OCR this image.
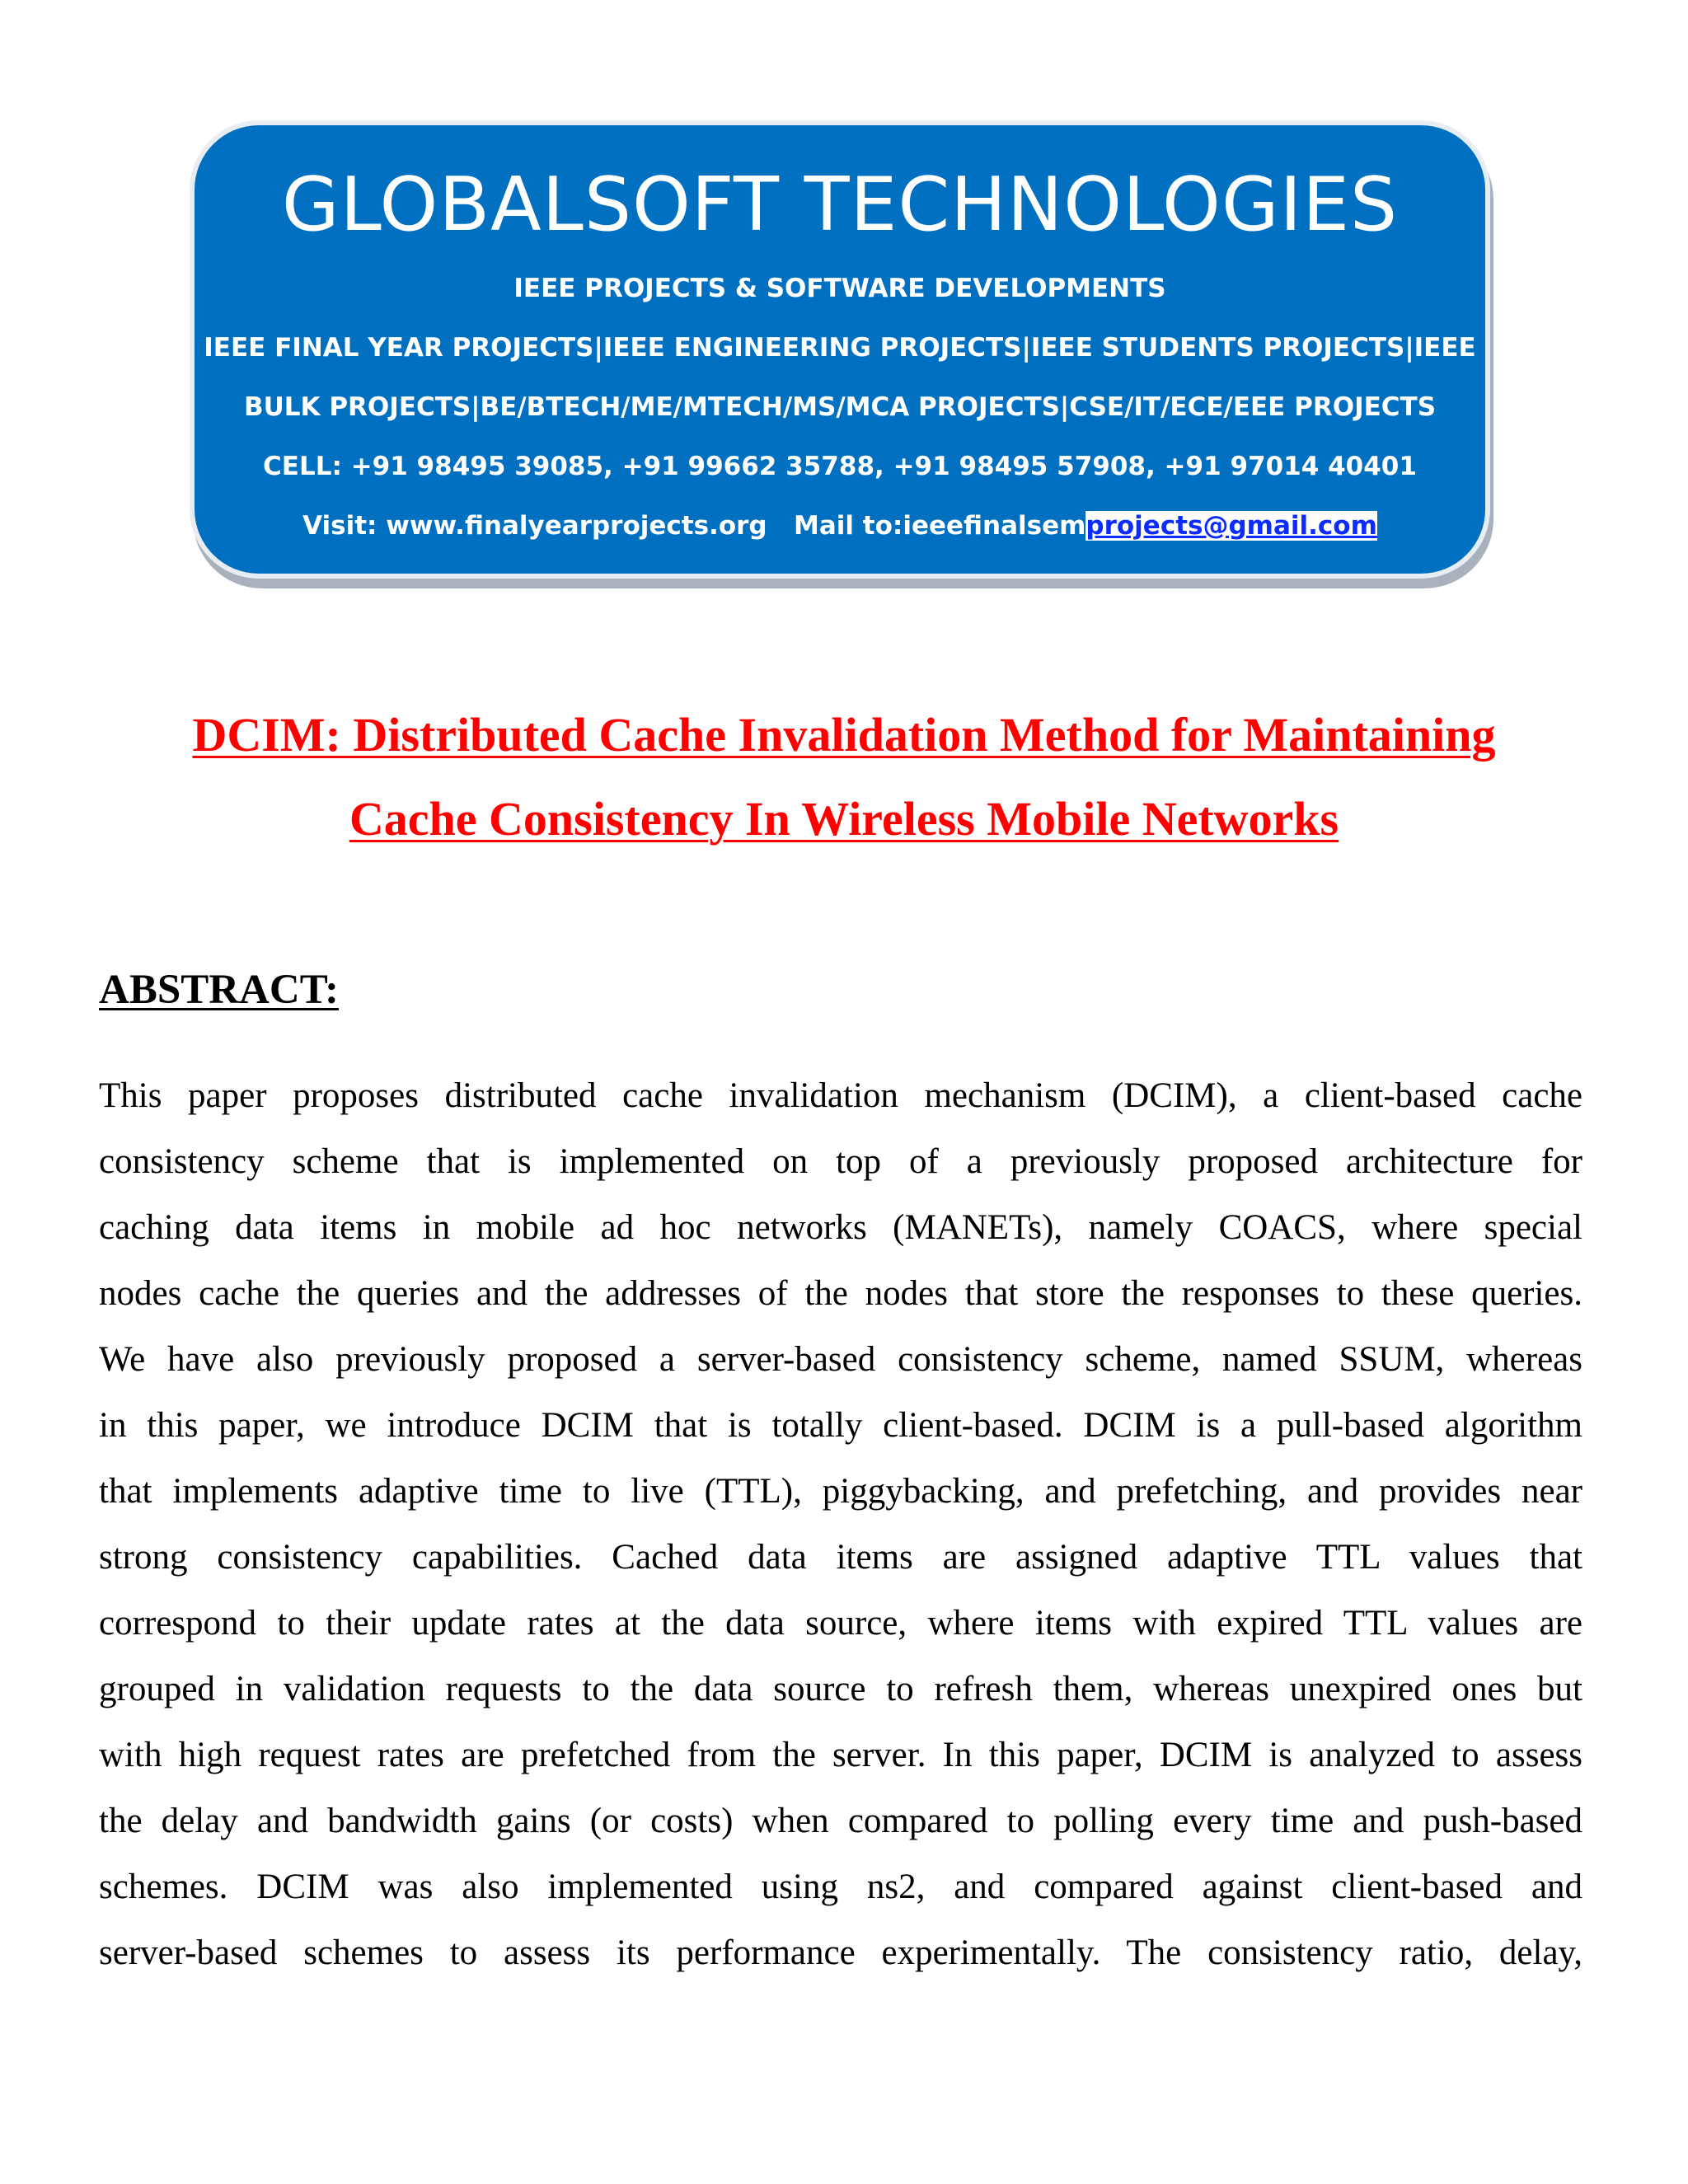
GLOBALSOFT TECHNOLOGIES
IEEE PROJECTS & SOFTWARE DEVELOPMENTS
IEEE FINAL YEAR PROJECTS|IEEE ENGINEERING PROJECTS|IEEE STUDENTS PROJECTS|IEEE
BULK PROJECTS|BE/BTECH/ME/MTECH/MS/MCA PROJECTS|CSE/IT/ECE/EEE PROJECTS
CELL: +91 98495 39085, +91 99662 35788, +91 98495 57908, +91 97014 40401
Visit: www.finalyearprojects.org Mail to:ieeefinalsemprojects@gmail.com
DCIM: Distributed Cache Invalidation Method for Maintaining
Cache Consistency In Wireless Mobile Networks
ABSTRACT:
This paper proposes distributed cache invalidation mechanism (DCIM), a client-based cache
consistency scheme that is implemented on top of a previously proposed architecture for
caching data items in mobile ad hoc networks (MANETs), namely COACS, where special
nodes cache the queries and the addresses of the nodes that store the responses to these queries.
We have also previously proposed a server-based consistency scheme, named SSUM, whereas
in this paper, we introduce DCIM that is totally client-based. DCIM is a pull-based algorithm
that implements adaptive time to live (TTL), piggybacking, and prefetching, and provides near
strong consistency capabilities. Cached data items are assigned adaptive TTL values that
correspond to their update rates at the data source, where items with expired TTL values are
grouped in validation requests to the data source to refresh them, whereas unexpired ones but
with high request rates are prefetched from the server. In this paper, DCIM is analyzed to assess
the delay and bandwidth gains (or costs) when compared to polling every time and push-based
schemes. DCIM was also implemented using ns2, and compared against client-based and
server-based schemes to assess its performance experimentally. The consistency ratio, delay,
